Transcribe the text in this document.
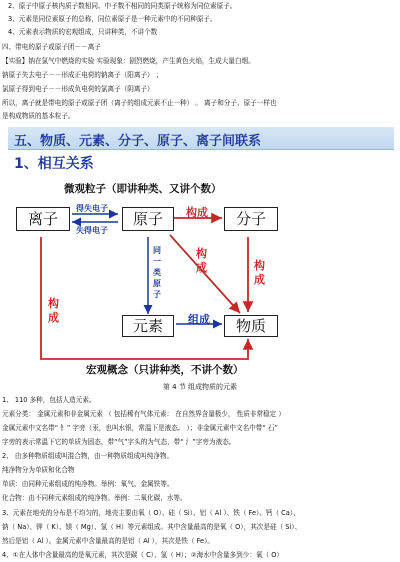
2、原子中原子核内质子数相同、中子数不相同的同类原子统称为同位素原子。
3、元素是同位素原子的总称，同位素原子是一种元素中的不同种原子。
4、元素表示物质的宏观组成，只讲种类，不讲个数
四、带电的原子或原子团－－离子
【实验】钠在氯气中燃烧的实验 实验现象：剧烈燃烧，产生黄色火焰，生成大量白烟。
钠原子失去电子－－形成正电荷的钠离子（阳离子） ；
氯原子得到电子－－形成负电荷的氯离子（阴离子）
所以，离子就是带电的原子或原子团（离子的组成元素不止一种） 。 离子和分子、原子一样也
是构成物质的基本粒子。
五、物质、元素、分子、原子、离子间联系
1、相互关系
微观粒子（即讲种类、又讲个数）
离子	原子	分子
元素	物质
得失电子
失得电子
同一类原子
构成
构成	构成
构成	组成
宏观概念（只讲种类，不讲个数）
第 4 节 组成物质的元素
1、 110 多种，包括人造元素。
元素分类： 金属元素和非金属元素 （ 包括稀有气体元素： 在自然界含量极少， 性质非常稳定 ）
金属元素中文名带“ 钅” 字旁（汞，也叫水银，常温下是液态。 ）；非金属元素中文名中带“ 石”
字旁的表示常温下它的单质为固态，带“气”字头的为气态，带“ 氵”字旁为液态。
2、 由多种物质组成叫混合物，由一种物质组成叫纯净物。
纯净物分为单质和化合物
单质：由同种元素组成的纯净物。举例：氧气、金属铁等。
化合物：由不同种元素组成的纯净物。举例：二氧化碳、水等。
3、元素在地壳的分布是不均匀的，地壳主要由氧（ O）、硅（ Si）、铝（ Al ）、铁（ Fe）、钙（ Ca）、
钠（ Na）、钾（ K）、镁（ Mg）、氢（ H）等元素组成。其中含量最高的是氧（ O），其次是硅（ Si）、
然后是铝（ Al ）。金属元素中含量最高的是铝（ Al ），其次是铁（ Fe）。
4、①在人体中含量最高的是氧元素，其次是碳（ C）、氢（ H）；②海水中含量多到少：氧（ O）
